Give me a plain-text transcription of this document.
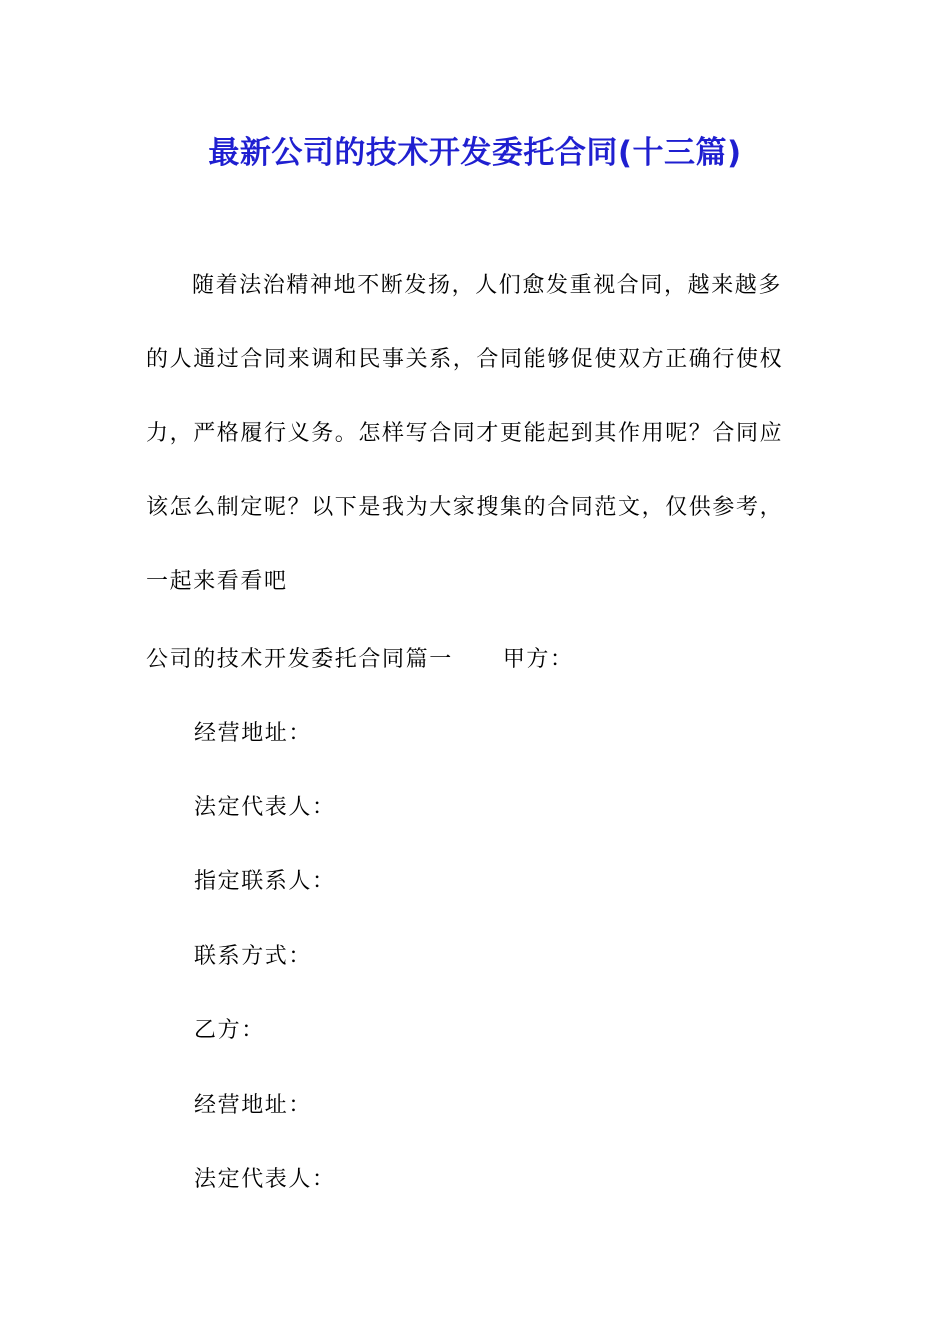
最新公司的技术开发委托合同(十三篇)
随着法治精神地不断发扬，人们愈发重视合同，越来越多
的人通过合同来调和民事关系，合同能够促使双方正确行使权
力，严格履行义务。怎样写合同才更能起到其作用呢？合同应
该怎么制定呢？以下是我为大家搜集的合同范文，仅供参考，
一起来看看吧

公司的技术开发委托合同篇一 甲方：

经营地址：

法定代表人：

指定联系人：

联系方式：

乙方：

经营地址：

法定代表人：
